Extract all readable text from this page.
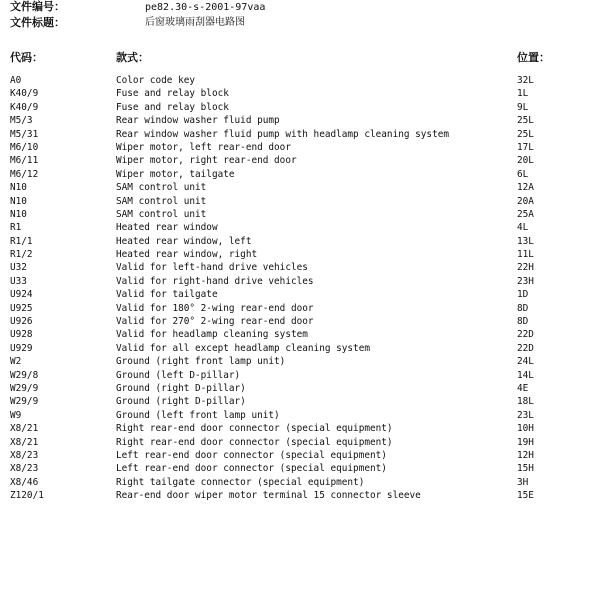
文件编号：	pe82.30-s-2001-97vaa
文件标题：	后窗玻璃雨刮器电路图
代码：	款式：	位置：
A0	Color code key	32L
K40/9	Fuse and relay block	1L
K40/9	Fuse and relay block	9L
M5/3	Rear window washer fluid pump	25L
M5/31	Rear window washer fluid pump with headlamp cleaning system	25L
M6/10	Wiper motor, left rear-end door	17L
M6/11	Wiper motor, right rear-end door	20L
M6/12	Wiper motor, tailgate	6L
N10	SAM control unit	12A
N10	SAM control unit	20A
N10	SAM control unit	25A
R1	Heated rear window	4L
R1/1	Heated rear window, left	13L
R1/2	Heated rear window, right	11L
U32	Valid for left-hand drive vehicles	22H
U33	Valid for right-hand drive vehicles	23H
U924	Valid for tailgate	1D
U925	Valid for 180° 2-wing rear-end door	8D
U926	Valid for 270° 2-wing rear-end door	8D
U928	Valid for headlamp cleaning system	22D
U929	Valid for all except headlamp cleaning system	22D
W2	Ground (right front lamp unit)	24L
W29/8	Ground (left D-pillar)	14L
W29/9	Ground (right D-pillar)	4E
W29/9	Ground (right D-pillar)	18L
W9	Ground (left front lamp unit)	23L
X8/21	Right rear-end door connector (special equipment)	10H
X8/21	Right rear-end door connector (special equipment)	19H
X8/23	Left rear-end door connector (special equipment)	12H
X8/23	Left rear-end door connector (special equipment)	15H
X8/46	Right tailgate connector (special equipment)	3H
Z120/1	Rear-end door wiper motor terminal 15 connector sleeve	15E
